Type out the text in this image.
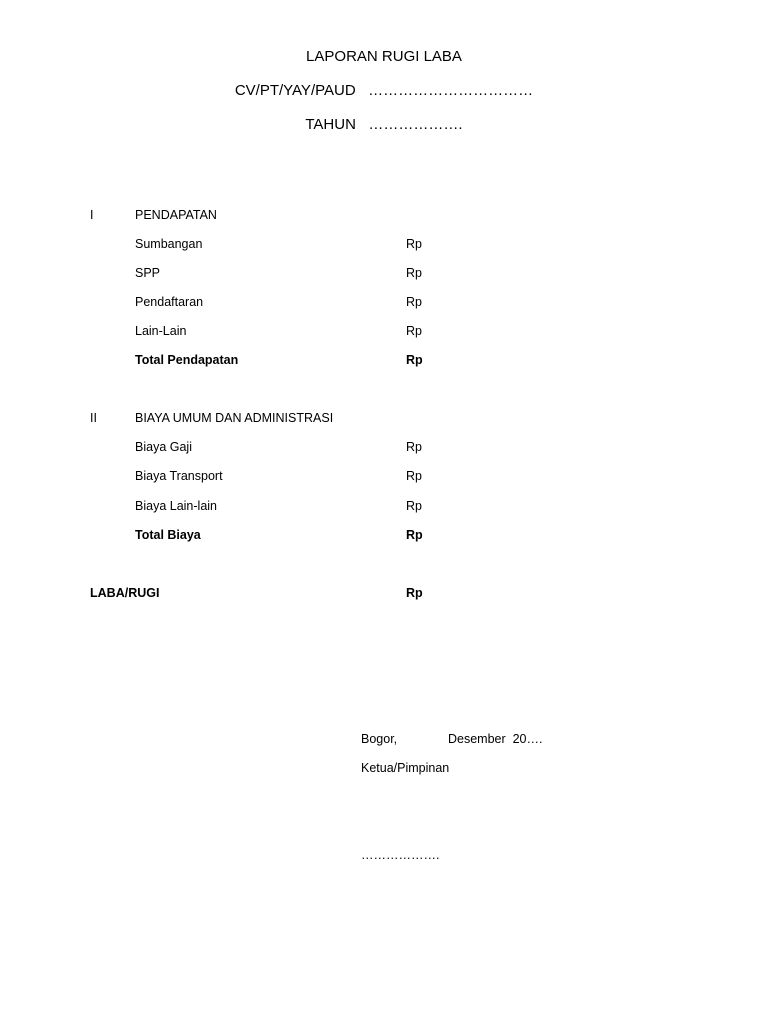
LAPORAN RUGI LABA
CV/PT/YAY/PAUD   ……………………………
TAHUN   ……………….
I	PENDAPATAN
Sumbangan	Rp
SPP	Rp
Pendaftaran	Rp
Lain-Lain	Rp
Total Pendapatan	Rp
II	BIAYA UMUM DAN ADMINISTRASI
Biaya Gaji	Rp
Biaya Transport	Rp
Biaya Lain-lain	Rp
Total Biaya	Rp
LABA/RUGI	Rp
Bogor,	Desember  20….
Ketua/Pimpinan
……………….
